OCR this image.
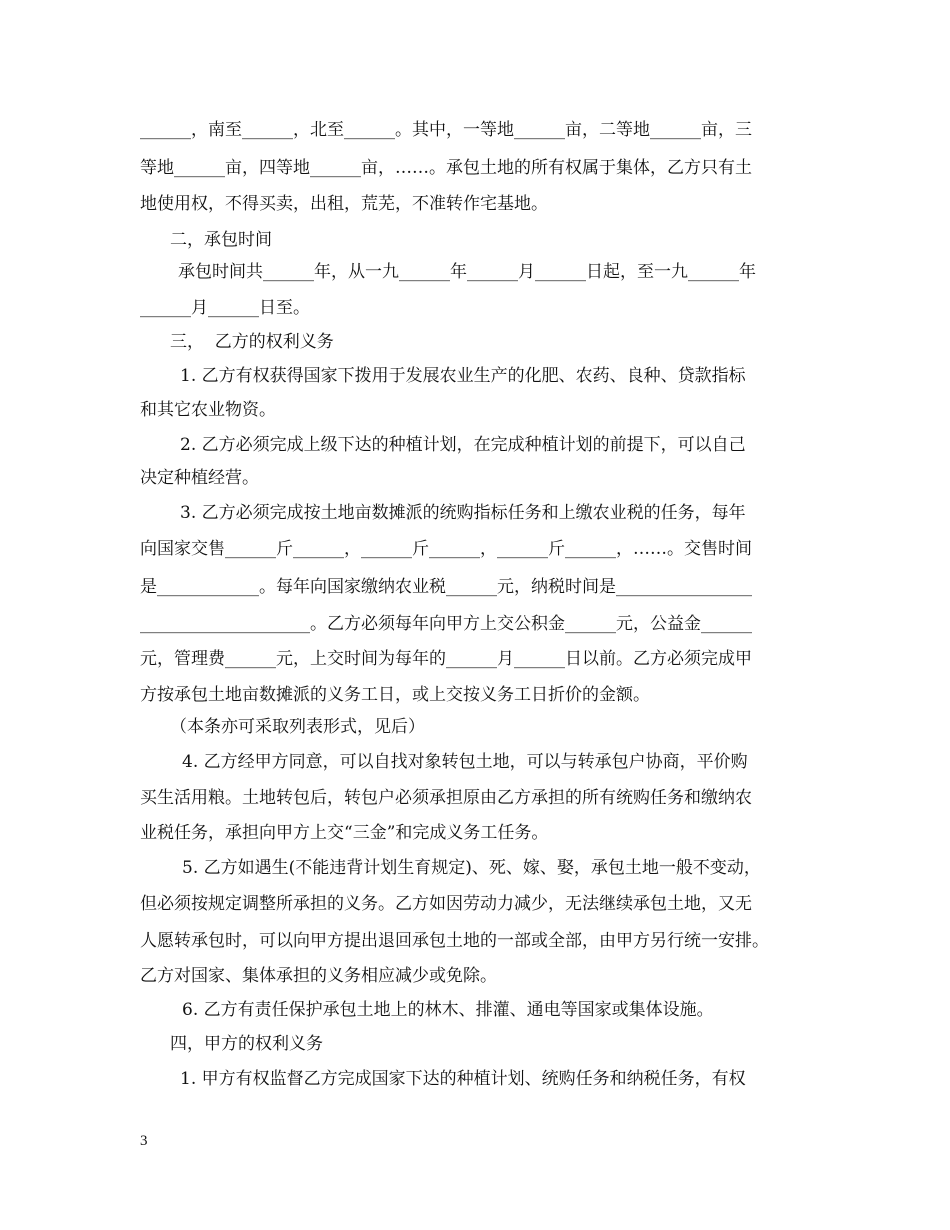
______，南至______，北至______。其中，一等地______亩，二等地______亩，三
等地______亩，四等地______亩，……。承包土地的所有权属于集体，乙方只有土
地使用权，不得买卖，出租，荒芜，不准转作宅基地。
二，承包时间
承包时间共______年，从一九______年______月______日起，至一九______年
______月______日至。
三，  乙方的权利义务
1. 乙方有权获得国家下拨用于发展农业生产的化肥、农药、良种、贷款指标
和其它农业物资。
2. 乙方必须完成上级下达的种植计划，在完成种植计划的前提下，可以自己
决定种植经营。
3. 乙方必须完成按土地亩数摊派的统购指标任务和上缴农业税的任务，每年
向国家交售______斤______，______斤______，______斤______，……。交售时间
是____________。每年向国家缴纳农业税______元，纳税时间是________________
____________________。乙方必须每年向甲方上交公积金______元，公益金______
元，管理费______元，上交时间为每年的______月______日以前。乙方必须完成甲
方按承包土地亩数摊派的义务工日，或上交按义务工日折价的金额。
（本条亦可采取列表形式，见后）
4. 乙方经甲方同意，可以自找对象转包土地，可以与转承包户协商，平价购
买生活用粮。土地转包后，转包户必须承担原由乙方承担的所有统购任务和缴纳农
业税任务，承担向甲方上交“三金”和完成义务工任务。
5. 乙方如遇生(不能违背计划生育规定)、死、嫁、娶，承包土地一般不变动，
但必须按规定调整所承担的义务。乙方如因劳动力减少，无法继续承包土地，又无
人愿转承包时，可以向甲方提出退回承包土地的一部或全部，由甲方另行统一安排。
乙方对国家、集体承担的义务相应减少或免除。
6. 乙方有责任保护承包土地上的林木、排灌、通电等国家或集体设施。
四，甲方的权利义务
1. 甲方有权监督乙方完成国家下达的种植计划、统购任务和纳税任务，有权
3
